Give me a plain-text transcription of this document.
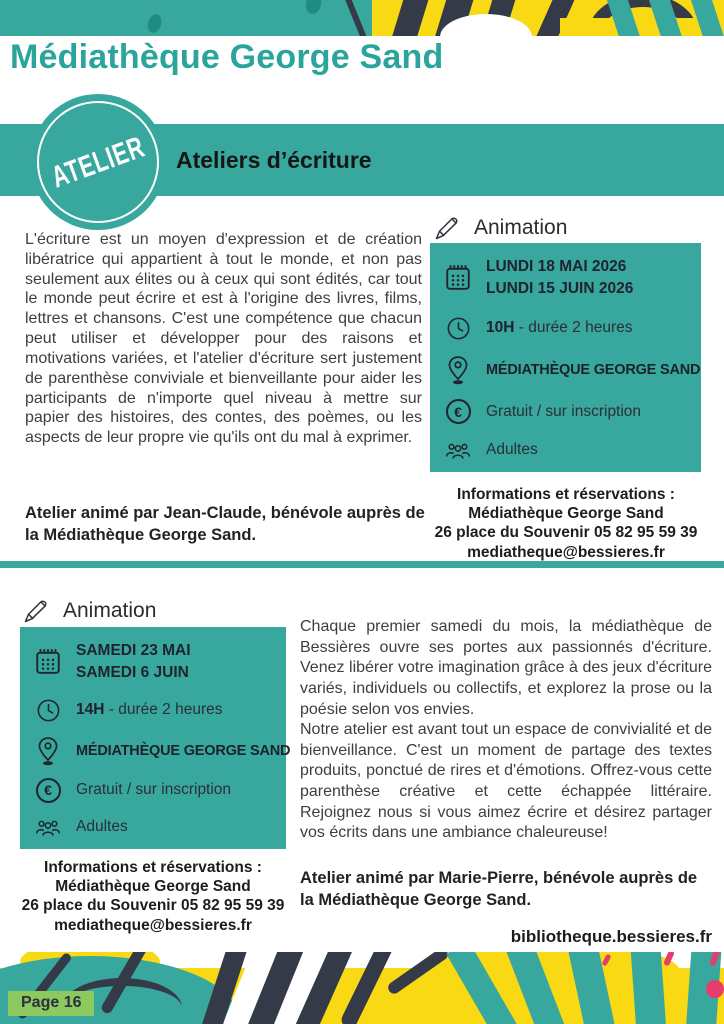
Médiathèque George Sand
ATELIER Ateliers d’écriture
L'écriture est un moyen d'expression et de création libératrice qui appartient à tout le monde, et non pas seulement aux élites ou à ceux qui sont édités, car tout le monde peut écrire et est à l'origine des livres, films, lettres et chansons. C'est une compétence que chacun peut utiliser et développer pour des raisons et motivations variées, et l'atelier d'écriture sert justement de parenthèse conviviale et bienveillante pour aider les participants de n'importe quel niveau à mettre sur papier des histoires, des contes, des poèmes, ou les aspects de leur propre vie qu'ils ont du mal à exprimer.
Atelier animé par Jean-Claude, bénévole auprès de la Médiathèque George Sand.
Animation
LUNDI 18 MAI 2026
LUNDI 15 JUIN 2026
10H - durée 2 heures
MÉDIATHÈQUE GEORGE SAND
€	Gratuit / sur inscription
Adultes
Informations et réservations :
Médiathèque George Sand
26 place du Souvenir 05 82 95 59 39
mediatheque@bessieres.fr
Animation
SAMEDI 23 MAI
SAMEDI 6 JUIN
14H - durée 2 heures
MÉDIATHÈQUE GEORGE SAND
€	Gratuit / sur inscription
Adultes
Informations et réservations :
Médiathèque George Sand
26 place du Souvenir 05 82 95 59 39
mediatheque@bessieres.fr
Chaque premier samedi du mois, la médiathèque de Bessières ouvre ses portes aux passionnés d'écriture. Venez libérer votre imagination grâce à des jeux d'écriture variés, individuels ou collectifs, et explorez la prose ou la poésie selon vos envies.
Notre atelier est avant tout un espace de convivialité et de bienveillance. C'est un moment de partage des textes produits, ponctué de rires et d'émotions. Offrez-vous cette parenthèse créative et cette échappée littéraire. Rejoignez nous si vous aimez écrire et désirez partager vos écrits dans une ambiance chaleureuse!
Atelier animé par Marie-Pierre, bénévole auprès de la Médiathèque George Sand.
bibliotheque.bessieres.fr
Page 16
